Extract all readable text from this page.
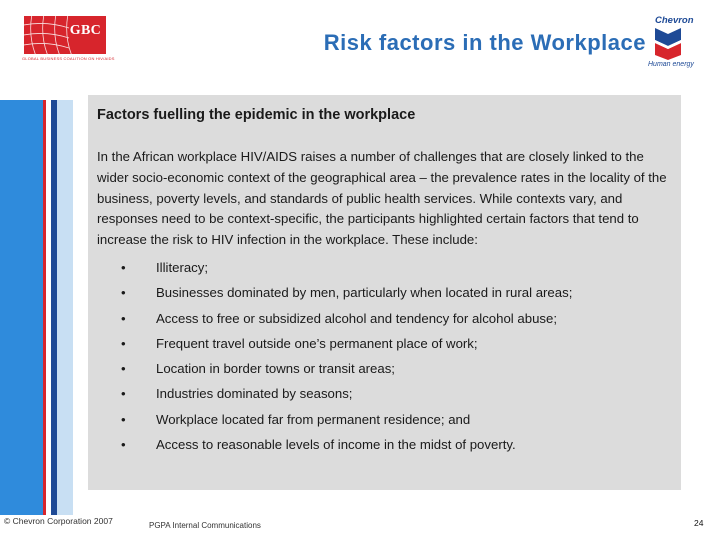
GBC
GLOBAL BUSINESS COALITION ON HIV/AIDS
Risk factors in the Workplace
Chevron
Human energy
Factors fuelling the epidemic in the workplace
In the African workplace HIV/AIDS raises a number of challenges that are closely linked to the wider socio-economic context of the geographical area – the prevalence rates in the locality of the business, poverty levels, and standards of public health services. While contexts vary, and responses need to be context-specific, the participants highlighted certain factors that tend to increase the risk to HIV infection in the workplace. These include:
• Illiteracy;
• Businesses dominated by men, particularly when located in rural areas;
• Access to free or subsidized alcohol and tendency for alcohol abuse;
• Frequent travel outside one’s permanent place of work;
• Location in border towns or transit areas;
• Industries dominated by seasons;
• Workplace located far from permanent residence; and
• Access to reasonable levels of income in the midst of poverty.
© Chevron Corporation 2007	PGPA Internal Communications	24
